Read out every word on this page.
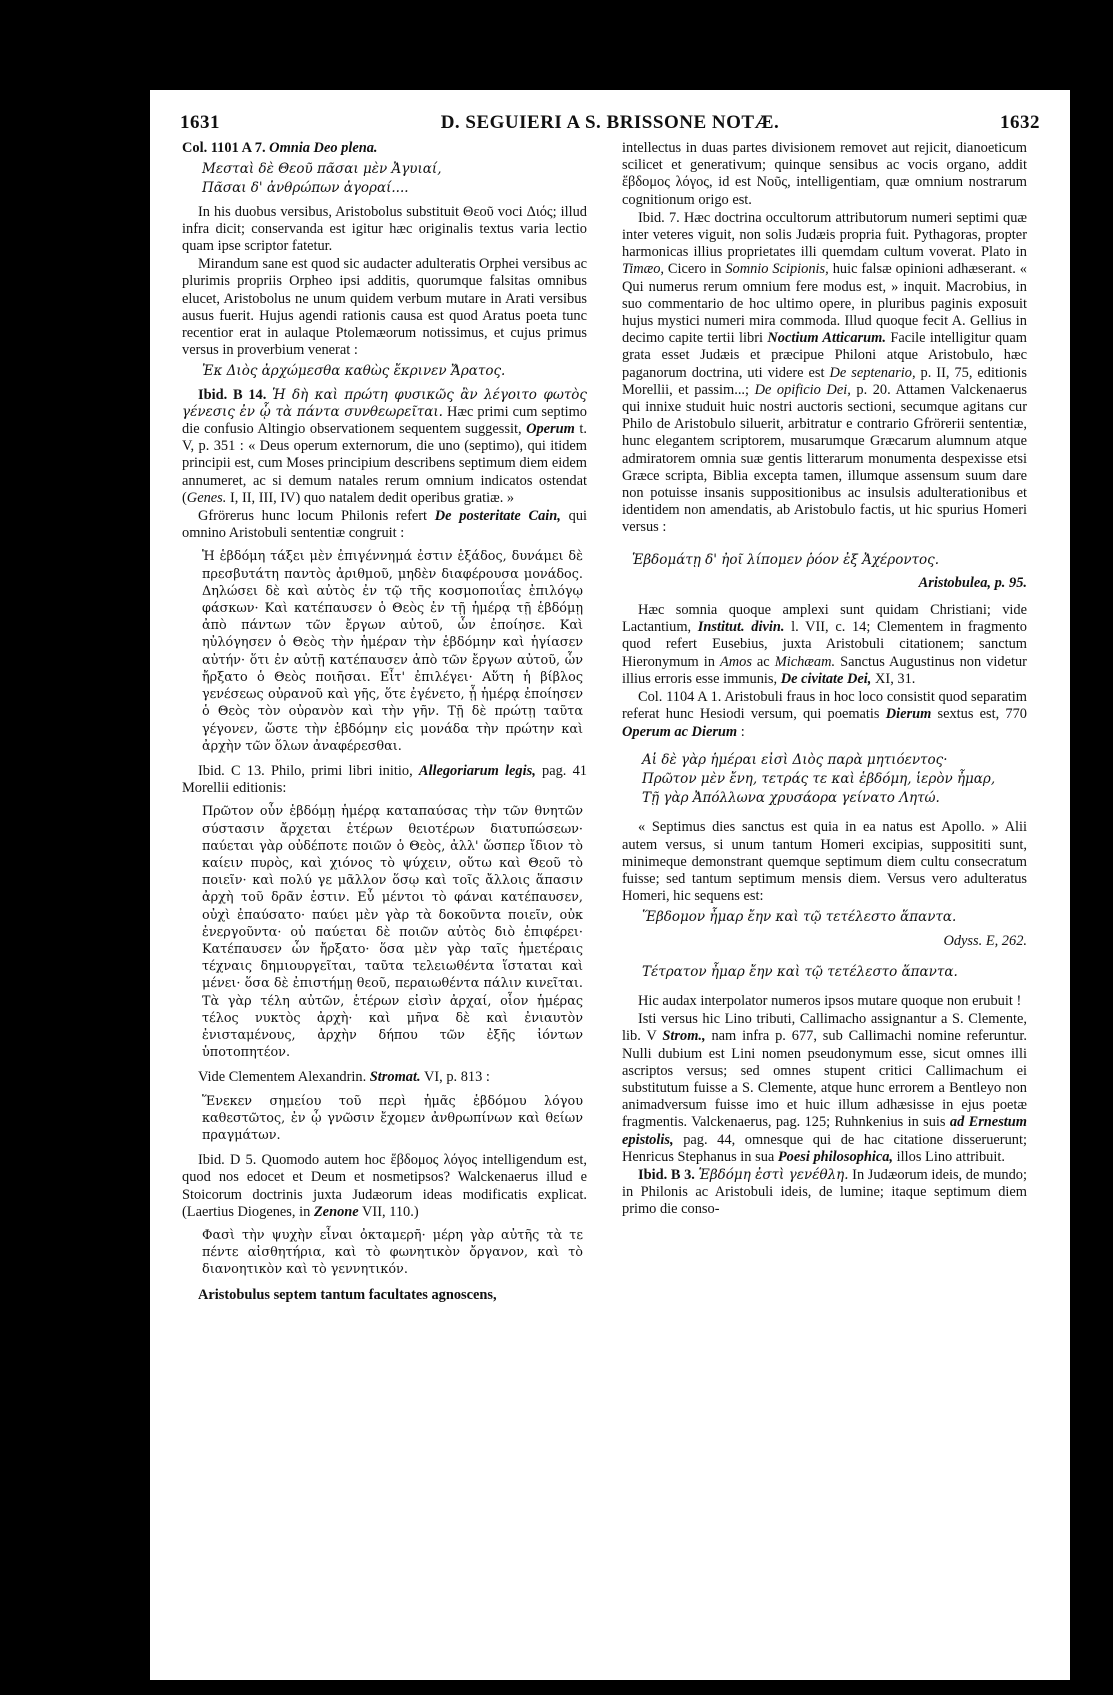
1631	D. SEGUIERI A S. BRISSONE NOTÆ.	1632

Col. 1101 A 7. Omnia Deo plena.

Μεσταὶ δὲ Θεοῦ πᾶσαι μὲν Ἀγυιαί,
Πᾶσαι δ' ἀνθρώπων ἀγοραί....

In his duobus versibus, Aristobolus substituit Θεοῦ voci Διός; illud infra dicit; conservanda est igitur hæc originalis textus varia lectio quam ipse scriptor fatetur.

Mirandum sane est quod sic audacter adulteratis Orphei versibus ac plurimis propriis Orpheo ipsi additis, quorumque falsitas omnibus elucet, Aristobolus ne unum quidem verbum mutare in Arati versibus ausus fuerit. Hujus agendi rationis causa est quod Aratus poeta tunc recentior erat in aulaque Ptolemæorum notissimus, et cujus primus versus in proverbium venerat :

Ἐκ Διὸς ἀρχώμεσθα καθὼς ἔκρινεν Ἄρατος.

Ibid. B 14. Ἡ δὴ καὶ πρώτη φυσικῶς ἂν λέγοιτο φωτὸς γένεσις ἐν ᾧ τὰ πάντα συνθεωρεῖται. Hæc primi cum septimo die confusio Altingio observationem sequentem suggessit, Operum t. V, p. 351 : « Deus operum externorum, die uno (septimo), qui itidem principii est, cum Moses principium describens septimum diem eidem annumeret, ac si demum natales rerum omnium indicatos ostendat (Genes. I, II, III, IV) quo natalem dedit operibus gratiæ. »

Gfrörerus hunc locum Philonis refert De posteritate Cain, qui omnino Aristobuli sententiæ congruit :

Ἡ ἑβδόμη τάξει μὲν ἐπιγέννημά ἐστιν ἑξάδος, δυνάμει δὲ πρεσβυτάτη παντὸς ἀριθμοῦ, μηδὲν διαφέρουσα μονάδος. Δηλώσει δὲ καὶ αὐτὸς ἐν τῷ τῆς κοσμοποιΐας ἐπιλόγῳ φάσκων· Καὶ κατέπαυσεν ὁ Θεὸς ἐν τῇ ἡμέρᾳ τῇ ἑβδόμῃ ἀπὸ πάντων τῶν ἔργων αὐτοῦ, ὧν ἐποίησε. Καὶ ηὐλόγησεν ὁ Θεὸς τὴν ἡμέραν τὴν ἑβδόμην καὶ ἡγίασεν αὐτήν· ὅτι ἐν αὐτῇ κατέπαυσεν ἀπὸ τῶν ἔργων αὐτοῦ, ὧν ἤρξατο ὁ Θεὸς ποιῆσαι. Εἶτ' ἐπιλέγει· Αὕτη ἡ βίβλος γενέσεως οὐρανοῦ καὶ γῆς, ὅτε ἐγένετο, ᾗ ἡμέρᾳ ἐποίησεν ὁ Θεὸς τὸν οὐρανὸν καὶ τὴν γῆν. Τῇ δὲ πρώτῃ ταῦτα γέγονεν, ὥστε τὴν ἑβδόμην εἰς μονάδα τὴν πρώτην καὶ ἀρχὴν τῶν ὅλων ἀναφέρεσθαι.

Ibid. C 13. Philo, primi libri initio, Allegoriarum legis, pag. 41 Morellii editionis:

Πρῶτον οὖν ἑβδόμῃ ἡμέρᾳ καταπαύσας τὴν τῶν θνητῶν σύστασιν ἄρχεται ἑτέρων θειοτέρων διατυπώσεων· παύεται γὰρ οὐδέποτε ποιῶν ὁ Θεὸς, ἀλλ' ὥσπερ ἴδιον τὸ καίειν πυρὸς, καὶ χιόνος τὸ ψύχειν, οὕτω καὶ Θεοῦ τὸ ποιεῖν· καὶ πολύ γε μᾶλλον ὅσῳ καὶ τοῖς ἄλλοις ἅπασιν ἀρχὴ τοῦ δρᾶν ἐστιν. Εὖ μέντοι τὸ φάναι κατέπαυσεν, οὐχὶ ἐπαύσατο· παύει μὲν γὰρ τὰ δοκοῦντα ποιεῖν, οὐκ ἐνεργοῦντα· οὐ παύεται δὲ ποιῶν αὐτὸς διὸ ἐπιφέρει· Κατέπαυσεν ὧν ἤρξατο· ὅσα μὲν γὰρ ταῖς ἡμετέραις τέχναις δημιουργεῖται, ταῦτα τελειωθέντα ἵσταται καὶ μένει· ὅσα δὲ ἐπιστήμῃ θεοῦ, περαιωθέντα πάλιν κινεῖται. Τὰ γὰρ τέλη αὐτῶν, ἑτέρων εἰσὶν ἀρχαί, οἷον ἡμέρας τέλος νυκτὸς ἀρχὴ· καὶ μῆνα δὲ καὶ ἐνιαυτὸν ἐνισταμένους, ἀρχὴν δήπου τῶν ἐξῆς ἰόντων ὑποτοπητέον.

Vide Clementem Alexandrin. Stromat. VI, p. 813 :

Ἕνεκεν σημείου τοῦ περὶ ἡμᾶς ἑβδόμου λόγου καθεστῶτος, ἐν ᾧ γνῶσιν ἔχομεν ἀνθρωπίνων καὶ θείων πραγμάτων.

Ibid. D 5. Quomodo autem hoc ἕβδομος λόγος intelligendum est, quod nos edocet et Deum et nosmetipsos? Walckenaerus illud e Stoicorum doctrinis juxta Judæorum ideas modificatis explicat. (Laertius Diogenes, in Zenone VII, 110.)

Φασὶ τὴν ψυχὴν εἶναι ὀκταμερῆ· μέρη γὰρ αὐτῆς τὰ τε πέντε αἰσθητήρια, καὶ τὸ φωνητικὸν ὄργανον, καὶ τὸ διανοητικὸν καὶ τὸ γεννητικόν.

Aristobulus septem tantum facultates agnoscens,

intellectus in duas partes divisionem removet aut rejicit, dianoeticum scilicet et generativum; quinque sensibus ac vocis organo, addit ἕβδομος λόγος, id est Νοῦς, intelligentiam, quæ omnium nostrarum cognitionum origo est.

Ibid. 7. Hæc doctrina occultorum attributorum numeri septimi quæ inter veteres viguit, non solis Judæis propria fuit. Pythagoras, propter harmonicas illius proprietates illi quemdam cultum voverat. Plato in Timæo, Cicero in Somnio Scipionis, huic falsæ opinioni adhæserant. « Qui numerus rerum omnium fere modus est, » inquit. Macrobius, in suo commentario de hoc ultimo opere, in pluribus paginis exposuit hujus mystici numeri mira commoda. Illud quoque fecit A. Gellius in decimo capite tertii libri Noctium Atticarum. Facile intelligitur quam grata esset Judæis et præcipue Philoni atque Aristobulo, hæc paganorum doctrina, uti videre est De septenario, p. II, 75, editionis Morellii, et passim...; De opificio Dei, p. 20. Attamen Valckenaerus qui innixe studuit huic nostri auctoris sectioni, secumque agitans cur Philo de Aristobulo siluerit, arbitratur e contrario Gfrörerii sententiæ, hunc elegantem scriptorem, musarumque Græcarum alumnum atque admiratorem omnia suæ gentis litterarum monumenta despexisse etsi Græce scripta, Biblia excepta tamen, illumque assensum suum dare non potuisse insanis suppositionibus ac insulsis adulterationibus et identidem non amendatis, ab Aristobulo factis, ut hic spurius Homeri versus :

Ἑβδομάτῃ δ' ἠοῖ λίπομεν ῥόον ἐξ Ἀχέροντος.
Aristobulea, p. 95.

Hæc somnia quoque amplexi sunt quidam Christiani; vide Lactantium, Institut. divin. l. VII, c. 14; Clementem in fragmento quod refert Eusebius, juxta Aristobuli citationem; sanctum Hieronymum in Amos ac Michæam. Sanctus Augustinus non videtur illius erroris esse immunis, De civitate Dei, XI, 31.

Col. 1104 A 1. Aristobuli fraus in hoc loco consistit quod separatim referat hunc Hesiodi versum, qui poematis Dierum sextus est, 770 Operum ac Dierum :

Αἱ δὲ γὰρ ἡμέραι εἰσὶ Διὸς παρὰ μητιόεντος·
Πρῶτον μὲν ἔνη, τετράς τε καὶ ἑβδόμη, ἱερὸν ἦμαρ,
Τῇ γὰρ Ἀπόλλωνα χρυσάορα γείνατο Λητώ.

« Septimus dies sanctus est quia in ea natus est Apollo. » Alii autem versus, si unum tantum Homeri excipias, supposititi sunt, minimeque demonstrant quemque septimum diem cultu consecratum fuisse; sed tantum septimum mensis diem. Versus vero adulteratus Homeri, hic sequens est:

Ἕβδομον ἦμαρ ἔην καὶ τῷ τετέλεστο ἅπαντα.
Odyss. E, 262.
Τέτρατον ἦμαρ ἔην καὶ τῷ τετέλεστο ἅπαντα.

Hic audax interpolator numeros ipsos mutare quoque non erubuit !

Isti versus hic Lino tributi, Callimacho assignantur a S. Clemente, lib. V Strom., nam infra p. 677, sub Callimachi nomine referuntur. Nulli dubium est Lini nomen pseudonymum esse, sicut omnes illi ascriptos versus; sed omnes stupent critici Callimachum ei substitutum fuisse a S. Clemente, atque hunc errorem a Bentleyo non animadversum fuisse imo et huic illum adhæsisse in ejus poetæ fragmentis. Valckenaerus, pag. 125; Ruhnkenius in suis ad Ernestum epistolis, pag. 44, omnesque qui de hac citatione disseruerunt; Henricus Stephanus in sua Poesi philosophica, illos Lino attribuit.

Ibid. B 3. Ἑβδόμη ἐστὶ γενέθλη. In Judæorum ideis, de mundo; in Philonis ac Aristobuli ideis, de lumine; itaque septimum diem primo die conso-
